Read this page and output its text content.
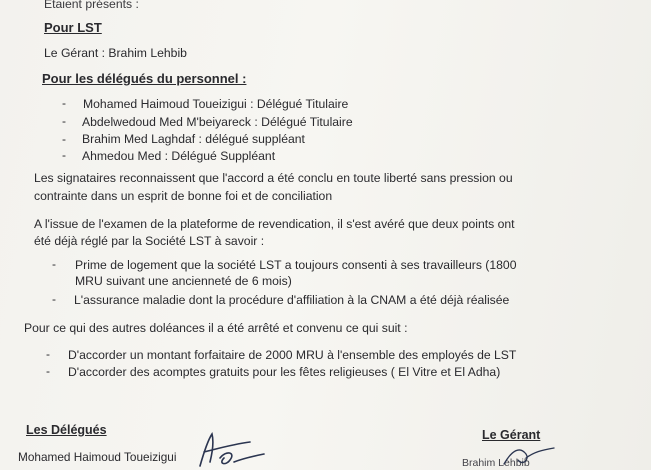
Etaient présents :
Pour LST
Le Gérant : Brahim Lehbib
Pour les délégués du personnel :
- Mohamed Haimoud Toueizigui : Délégué Titulaire
- Abdelwedoud Med M'beiyareck : Délégué Titulaire
- Brahim Med Laghdaf : délégué suppléant
- Ahmedou Med : Délégué Suppléant
Les signataires reconnaissent que l'accord a été conclu en toute liberté sans pression ou
contrainte dans un esprit de bonne foi et de conciliation
A l'issue de l'examen de la plateforme de revendication, il s'est avéré que deux points ont
été déjà réglé par la Société LST à savoir :
- Prime de logement que la société LST a toujours consenti à ses travailleurs (1800
MRU suivant une ancienneté de 6 mois)
- L'assurance maladie dont la procédure d'affiliation à la CNAM a été déjà réalisée
Pour ce qui des autres doléances il a été arrêté et convenu ce qui suit :
- D'accorder un montant forfaitaire de 2000 MRU à l'ensemble des employés de LST
- D'accorder des acomptes gratuits pour les fêtes religieuses ( El Vitre et El Adha)
Les Délégués
Mohamed Haimoud Toueizigui
Le Gérant
Brahim Lehbib
